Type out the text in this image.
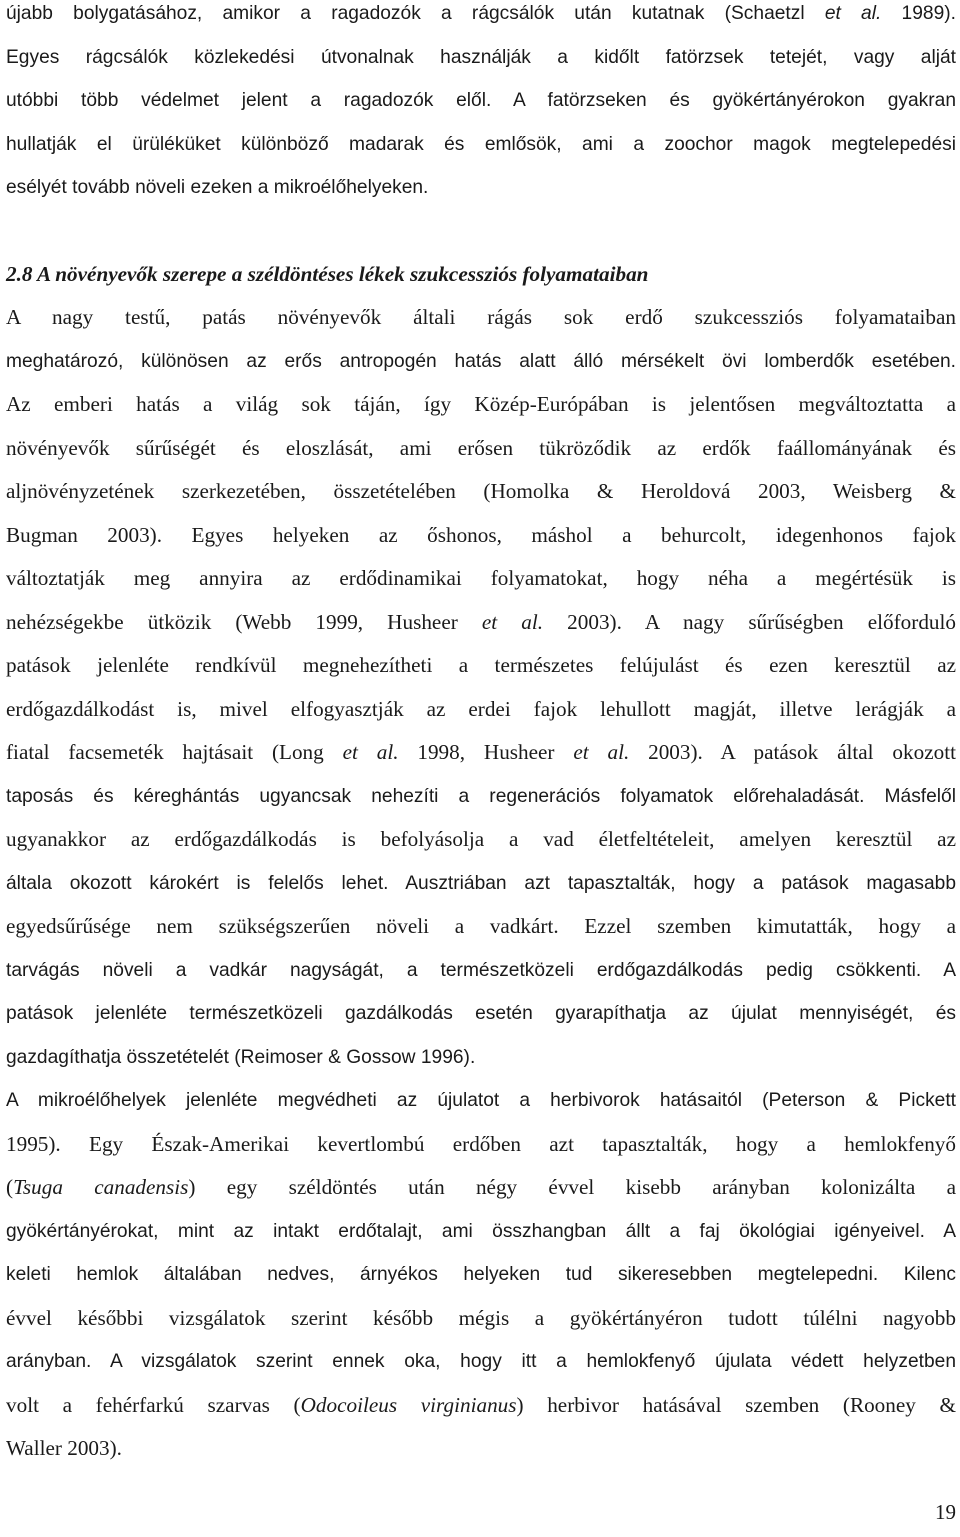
újabb bolygatásához, amikor a ragadozók a rágcsálók után kutatnak (Schaetzl et al. 1989).
Egyes rágcsálók közlekedési útvonalnak használják a kidőlt fatörzsek tetejét, vagy alját
utóbbi több védelmet jelent a ragadozók elől. A fatörzseken és gyökértányérokon gyakran
hullatják el ürüléküket különböző madarak és emlősök, ami a zoochor magok megtelepedési
esélyét tovább növeli ezeken a mikroélőhelyeken.
2.8 A növényevők szerepe a széldöntéses lékek szukcessziós folyamataiban
A nagy testű, patás növényevők általi rágás sok erdő szukcessziós folyamataiban
meghatározó, különösen az erős antropogén hatás alatt álló mérsékelt övi lomberdők esetében.
Az emberi hatás a világ sok táján, így Közép-Európában is jelentősen megváltoztatta a
növényevők sűrűségét és eloszlását, ami erősen tükröződik az erdők faállományának és
aljnövényzetének szerkezetében, összetételében (Homolka & Heroldová 2003, Weisberg &
Bugman 2003). Egyes helyeken az őshonos, máshol a behurcolt, idegenhonos fajok
változtatják meg annyira az erdődinamikai folyamatokat, hogy néha a megértésük is
nehézségekbe ütközik (Webb 1999, Husheer et al. 2003). A nagy sűrűségben előforduló
patások jelenléte rendkívül megnehezítheti a természetes felújulást és ezen keresztül az
erdőgazdálkodást is, mivel elfogyasztják az erdei fajok lehullott magját, illetve lerágják a
fiatal facsemeték hajtásait (Long et al. 1998, Husheer et al. 2003). A patások által okozott
taposás és kéreghántás ugyancsak nehezíti a regenerációs folyamatok előrehaladását. Másfelől
ugyanakkor az erdőgazdálkodás is befolyásolja a vad életfeltételeit, amelyen keresztül az
általa okozott károkért is felelős lehet. Ausztriában azt tapasztalták, hogy a patások magasabb
egyedsűrűsége nem szükségszerűen növeli a vadkárt. Ezzel szemben kimutatták, hogy a
tarvágás növeli a vadkár nagyságát, a természetközeli erdőgazdálkodás pedig csökkenti. A
patások jelenléte természetközeli gazdálkodás esetén gyarapíthatja az újulat mennyiségét, és
gazdagíthatja összetételét (Reimoser & Gossow 1996).
A mikroélőhelyek jelenléte megvédheti az újulatot a herbivorok hatásaitól (Peterson & Pickett
1995). Egy Észak-Amerikai kevertlombú erdőben azt tapasztalták, hogy a hemlokfenyő
(Tsuga canadensis) egy széldöntés után négy évvel kisebb arányban kolonizálta a
gyökértányérokat, mint az intakt erdőtalajt, ami összhangban állt a faj ökológiai igényeivel. A
keleti hemlok általában nedves, árnyékos helyeken tud sikeresebben megtelepedni. Kilenc
évvel későbbi vizsgálatok szerint később mégis a gyökértányéron tudott túlélni nagyobb
arányban. A vizsgálatok szerint ennek oka, hogy itt a hemlokfenyő újulata védett helyzetben
volt a fehérfarkú szarvas (Odocoileus virginianus) herbivor hatásával szemben (Rooney &
Waller 2003).
19
